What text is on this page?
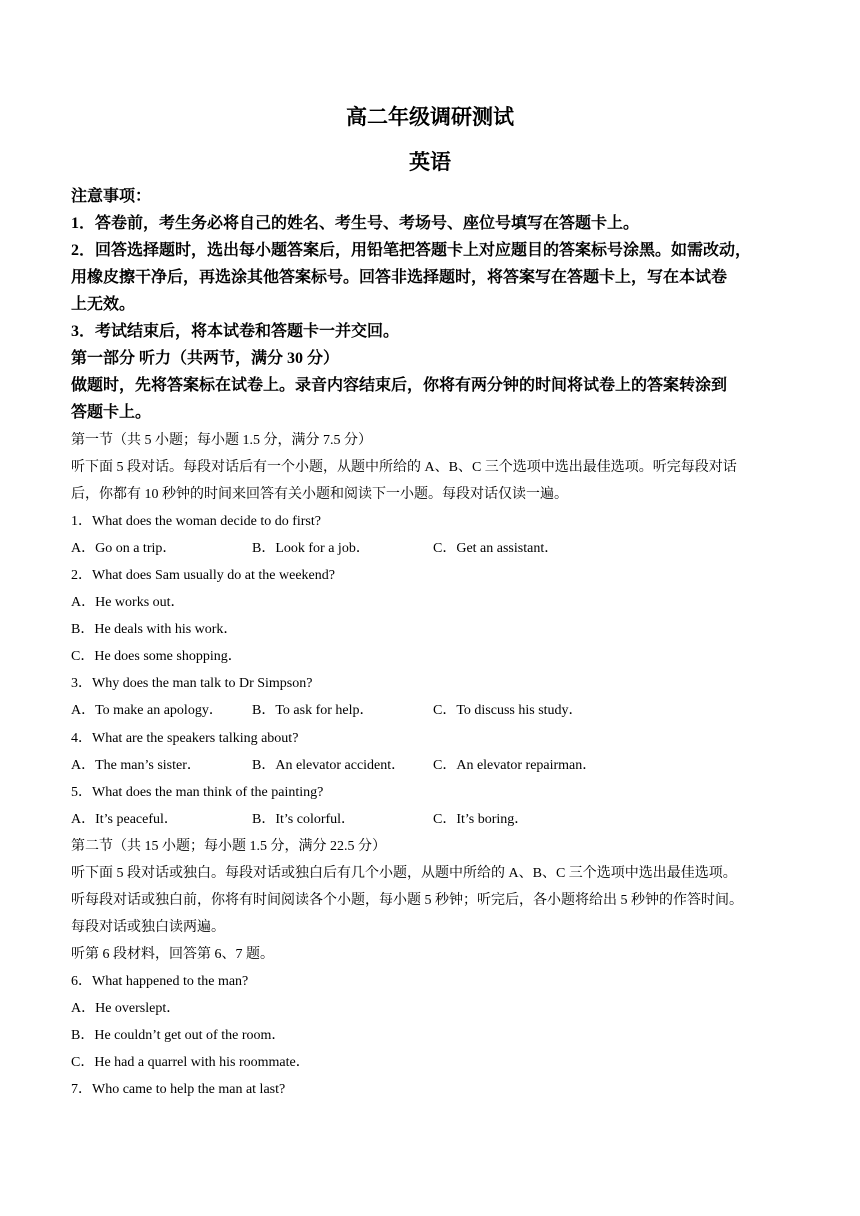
高二年级调研测试
英语
注意事项：
1．答卷前，考生务必将自己的姓名、考生号、考场号、座位号填写在答题卡上。
2．回答选择题时，选出每小题答案后，用铅笔把答题卡上对应题目的答案标号涂黑。如需改动，
用橡皮擦干净后，再选涂其他答案标号。回答非选择题时，将答案写在答题卡上，写在本试卷
上无效。
3．考试结束后，将本试卷和答题卡一并交回。
第一部分 听力（共两节，满分 30 分）
做题时，先将答案标在试卷上。录音内容结束后，你将有两分钟的时间将试卷上的答案转涂到
答题卡上。
第一节（共 5 小题；每小题 1.5 分，满分 7.5 分）
听下面 5 段对话。每段对话后有一个小题，从题中所给的 A、B、C 三个选项中选出最佳选项。听完每段对话
后，你都有 10 秒钟的时间来回答有关小题和阅读下一小题。每段对话仅读一遍。
1．What does the woman decide to do first?
A．Go on a trip．	B．Look for a job．	C．Get an assistant．
2．What does Sam usually do at the weekend?
A．He works out．
B．He deals with his work．
C．He does some shopping．
3．Why does the man talk to Dr Simpson?
A．To make an apology． B．To ask for help．	C．To discuss his study．
4．What are the speakers talking about?
A．The man’s sister．	B．An elevator accident． C．An elevator repairman．
5．What does the man think of the painting?
A．It’s peaceful．	B．It’s colorful．	C．It’s boring．
第二节（共 15 小题；每小题 1.5 分，满分 22.5 分）
听下面 5 段对话或独白。每段对话或独白后有几个小题，从题中所给的 A、B、C 三个选项中选出最佳选项。
听每段对话或独白前，你将有时间阅读各个小题，每小题 5 秒钟；听完后，各小题将给出 5 秒钟的作答时间。
每段对话或独白读两遍。
听第 6 段材料，回答第 6、7 题。
6．What happened to the man?
A．He overslept．
B．He couldn’t get out of the room．
C．He had a quarrel with his roommate．
7．Who came to help the man at last?
